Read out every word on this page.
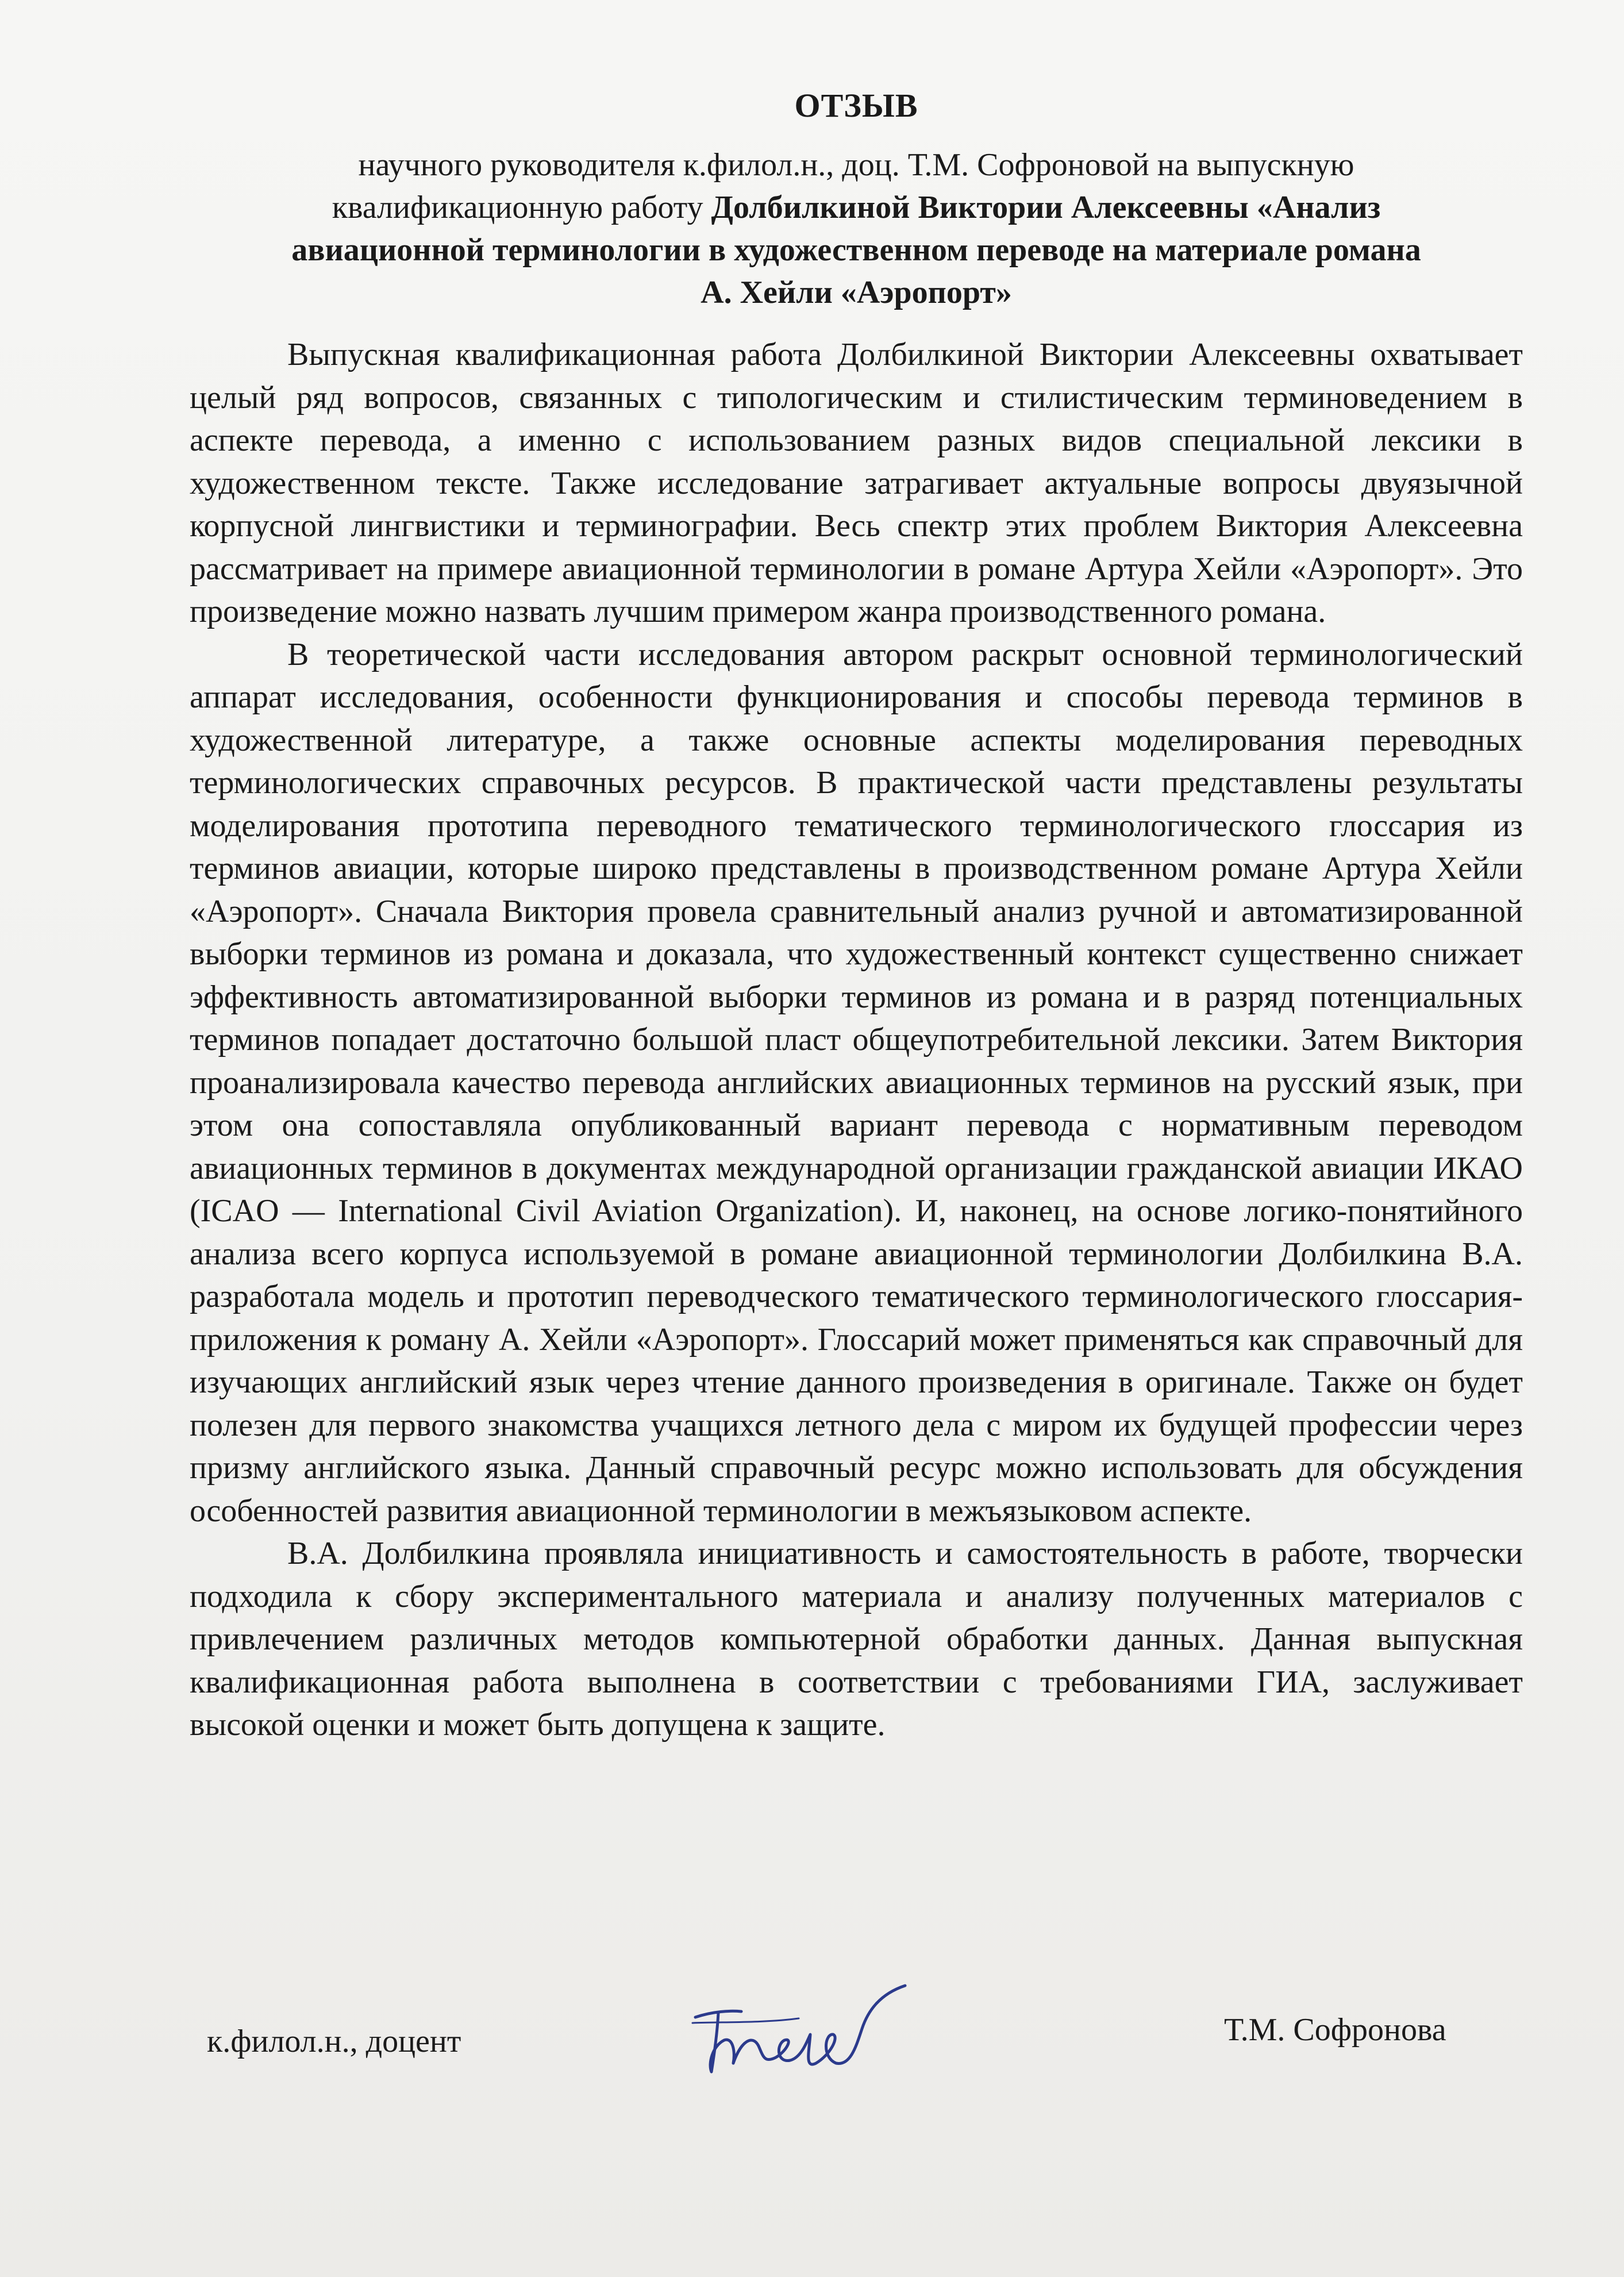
ОТЗЫВ
научного руководителя к.филол.н., доц. Т.М. Софроновой на выпускную
квалификационную работу Долбилкиной Виктории Алексеевны «Анализ
авиационной терминологии в художественном переводе на материале романа
А. Хейли «Аэропорт»

Выпускная квалификационная работа Долбилкиной Виктории Алексеевны охватывает целый ряд вопросов, связанных с типологическим и стилистическим терминоведением в аспекте перевода, а именно с использованием разных видов специальной лексики в художественном тексте. Также исследование затрагивает актуальные вопросы двуязычной корпусной лингвистики и терминографии. Весь спектр этих проблем Виктория Алексеевна рассматривает на примере авиационной терминологии в романе Артура Хейли «Аэропорт». Это произведение можно назвать лучшим примером жанра производственного романа.

В теоретической части исследования автором раскрыт основной терминологический аппарат исследования, особенности функционирования и способы перевода терминов в художественной литературе, а также основные аспекты моделирования переводных терминологических справочных ресурсов. В практической части представлены результаты моделирования прототипа переводного тематического терминологического глоссария из терминов авиации, которые широко представлены в производственном романе Артура Хейли «Аэропорт». Сначала Виктория провела сравнительный анализ ручной и автоматизированной выборки терминов из романа и доказала, что художественный контекст существенно снижает эффективность автоматизированной выборки терминов из романа и в разряд потенциальных терминов попадает достаточно большой пласт общеупотребительной лексики. Затем Виктория проанализировала качество перевода английских авиационных терминов на русский язык, при этом она сопоставляла опубликованный вариант перевода с нормативным переводом авиационных терминов в документах международной организации гражданской авиации ИКАО (ICAO — International Civil Aviation Organization). И, наконец, на основе логико-понятийного анализа всего корпуса используемой в романе авиационной терминологии Долбилкина В.А. разработала модель и прототип переводческого тематического терминологического глоссария-приложения к роману А. Хейли «Аэропорт». Глоссарий может применяться как справочный для изучающих английский язык через чтение данного произведения в оригинале. Также он будет полезен для первого знакомства учащихся летного дела с миром их будущей профессии через призму английского языка. Данный справочный ресурс можно использовать для обсуждения особенностей развития авиационной терминологии в межъязыковом аспекте.

В.А. Долбилкина проявляла инициативность и самостоятельность в работе, творчески подходила к сбору экспериментального материала и анализу полученных материалов с привлечением различных методов компьютерной обработки данных. Данная выпускная квалификационная работа выполнена в соответствии с требованиями ГИА, заслуживает высокой оценки и может быть допущена к защите.

к.филол.н., доцент	Т.М. Софронова
